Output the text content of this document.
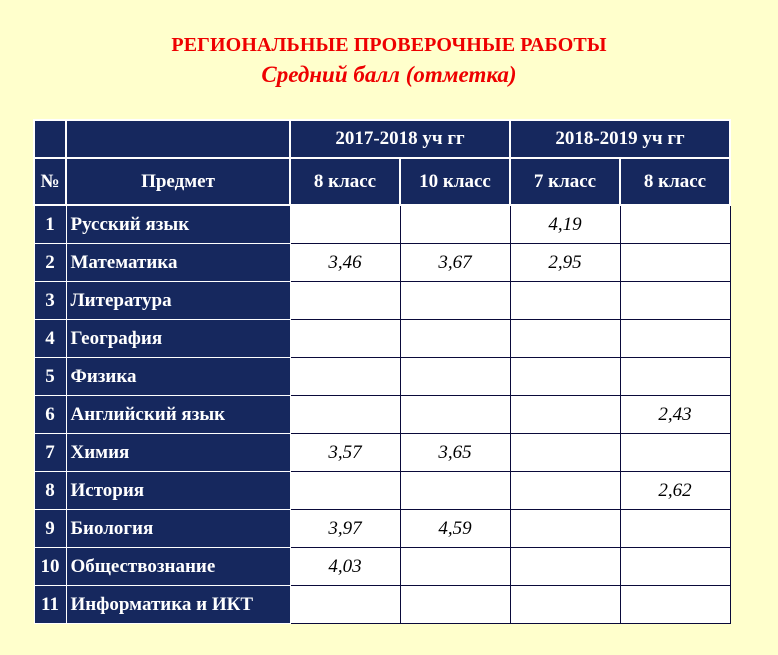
РЕГИОНАЛЬНЫЕ ПРОВЕРОЧНЫЕ РАБОТЫ
Средний балл (отметка)
		2017-2018 уч гг		2018-2019 уч гг	
№	Предмет	8 класс	10 класс	7 класс	8 класс
1	Русский язык			4,19	
2	Математика	3,46	3,67	2,95	
3	Литература				
4	География				
5	Физика				
6	Английский язык				2,43
7	Химия	3,57	3,65		
8	История				2,62
9	Биология	3,97	4,59		
10	Обществознание	4,03			
11	Информатика и ИКТ				
